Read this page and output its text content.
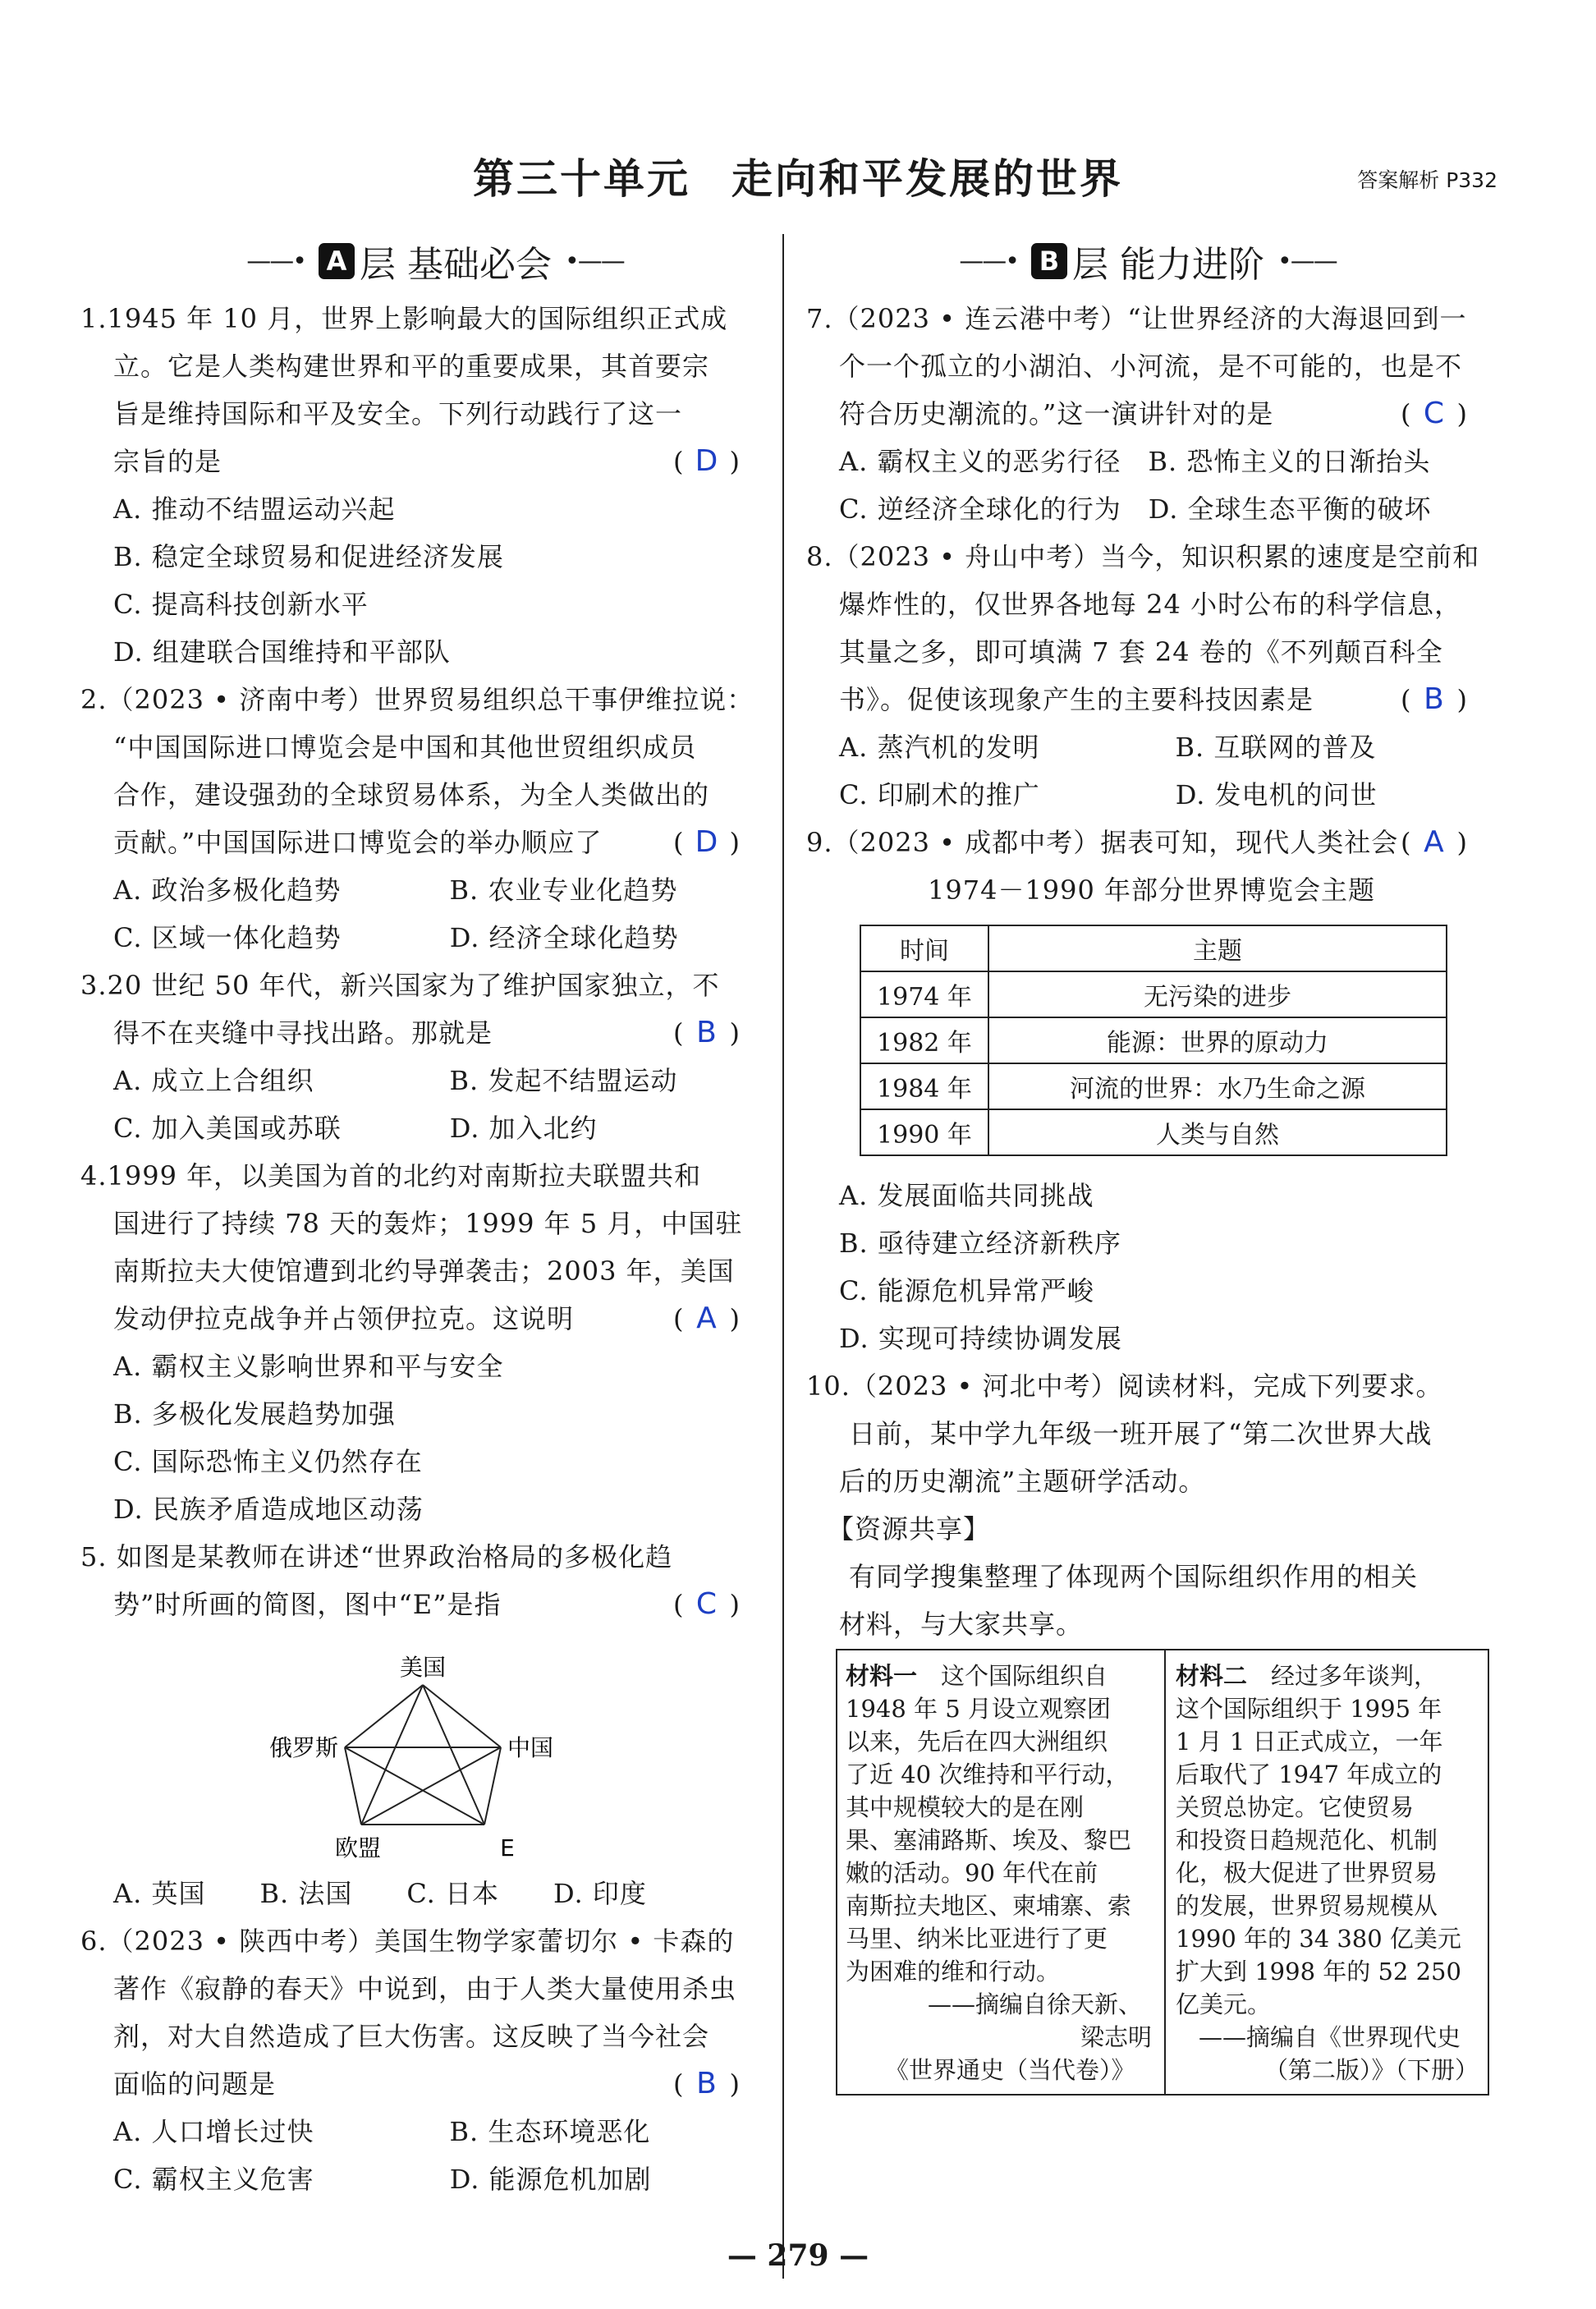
第三十单元 走向和平发展的世界	答案解析 P332
——• A 层 基础必会 •——	——• B 层 能力进阶 •——
1.1945 年 10 月，世界上影响最大的国际组织正式成
立。它是人类构建世界和平的重要成果，其首要宗
旨是维持国际和平及安全。下列行动践行了这一
宗旨的是
A. 推动不结盟运动兴起
B. 稳定全球贸易和促进经济发展
C. 提高科技创新水平
D. 组建联合国维持和平部队
2.（2023 • 济南中考）世界贸易组织总干事伊维拉说：
“中国国际进口博览会是中国和其他世贸组织成员
合作，建设强劲的全球贸易体系，为全人类做出的
贡献。”中国国际进口博览会的举办顺应了
A. 政治多极化趋势　　　　B. 农业专业化趋势
C. 区域一体化趋势　　　　D. 经济全球化趋势
3.20 世纪 50 年代，新兴国家为了维护国家独立，不
得不在夹缝中寻找出路。那就是
A. 成立上合组织　　　　　B. 发起不结盟运动
C. 加入美国或苏联　　　　D. 加入北约
4.1999 年，以美国为首的北约对南斯拉夫联盟共和
国进行了持续 78 天的轰炸；1999 年 5 月，中国驻
南斯拉夫大使馆遭到北约导弹袭击；2003 年，美国
发动伊拉克战争并占领伊拉克。这说明
A. 霸权主义影响世界和平与安全
B. 多极化发展趋势加强
C. 国际恐怖主义仍然存在
D. 民族矛盾造成地区动荡
5. 如图是某教师在讲述“世界政治格局的多极化趋
势”时所画的简图，图中“E”是指
美国
俄罗斯	中国
欧盟	E
A. 英国　　B. 法国　　C. 日本　　D. 印度
6.（2023 • 陕西中考）美国生物学家蕾切尔 • 卡森的
著作《寂静的春天》中说到，由于人类大量使用杀虫
剂，对大自然造成了巨大伤害。这反映了当今社会
面临的问题是
A. 人口增长过快　　　　　B. 生态环境恶化
C. 霸权主义危害　　　　　D. 能源危机加剧
( D )
( D )
( B )
( A )
( C )
( B )
7.（2023 • 连云港中考）“让世界经济的大海退回到一
个一个孤立的小湖泊、小河流，是不可能的，也是不
符合历史潮流的。”这一演讲针对的是
A. 霸权主义的恶劣行径　B. 恐怖主义的日渐抬头
C. 逆经济全球化的行为　D. 全球生态平衡的破坏
8.（2023 • 舟山中考）当今，知识积累的速度是空前和
爆炸性的，仅世界各地每 24 小时公布的科学信息，
其量之多，即可填满 7 套 24 卷的《不列颠百科全
书》。促使该现象产生的主要科技因素是
A. 蒸汽机的发明　　　　　B. 互联网的普及
C. 印刷术的推广　　　　　D. 发电机的问世
9.（2023 • 成都中考）据表可知，现代人类社会
1974－1990 年部分世界博览会主题
时间	主题
1974 年	无污染的进步
1982 年	能源：世界的原动力
1984 年	河流的世界：水乃生命之源
1990 年	人类与自然
A. 发展面临共同挑战
B. 亟待建立经济新秩序
C. 能源危机异常严峻
D. 实现可持续协调发展
10.（2023 • 河北中考）阅读材料，完成下列要求。
日前，某中学九年级一班开展了“第二次世界大战
后的历史潮流”主题研学活动。
【资源共享】
有同学搜集整理了体现两个国际组织作用的相关
材料，与大家共享。
( C )
( B )
( A )
材料一　这个国际组织自
1948 年 5 月设立观察团
以来，先后在四大洲组织
了近 40 次维持和平行动，
其中规模较大的是在刚
果、塞浦路斯、埃及、黎巴
嫩的活动。90 年代在前
南斯拉夫地区、柬埔寨、索
马里、纳米比亚进行了更
为困难的维和行动。
——摘编自徐天新、
梁志明
《世界通史（当代卷）》
材料二　经过多年谈判，
这个国际组织于 1995 年
1 月 1 日正式成立，一年
后取代了 1947 年成立的
关贸总协定。它使贸易
和投资日趋规范化、机制
化，极大促进了世界贸易
的发展，世界贸易规模从
1990 年的 34 380 亿美元
扩大到 1998 年的 52 250
亿美元。
——摘编自《世界现代史
（第二版）》（下册）
— 279 —
